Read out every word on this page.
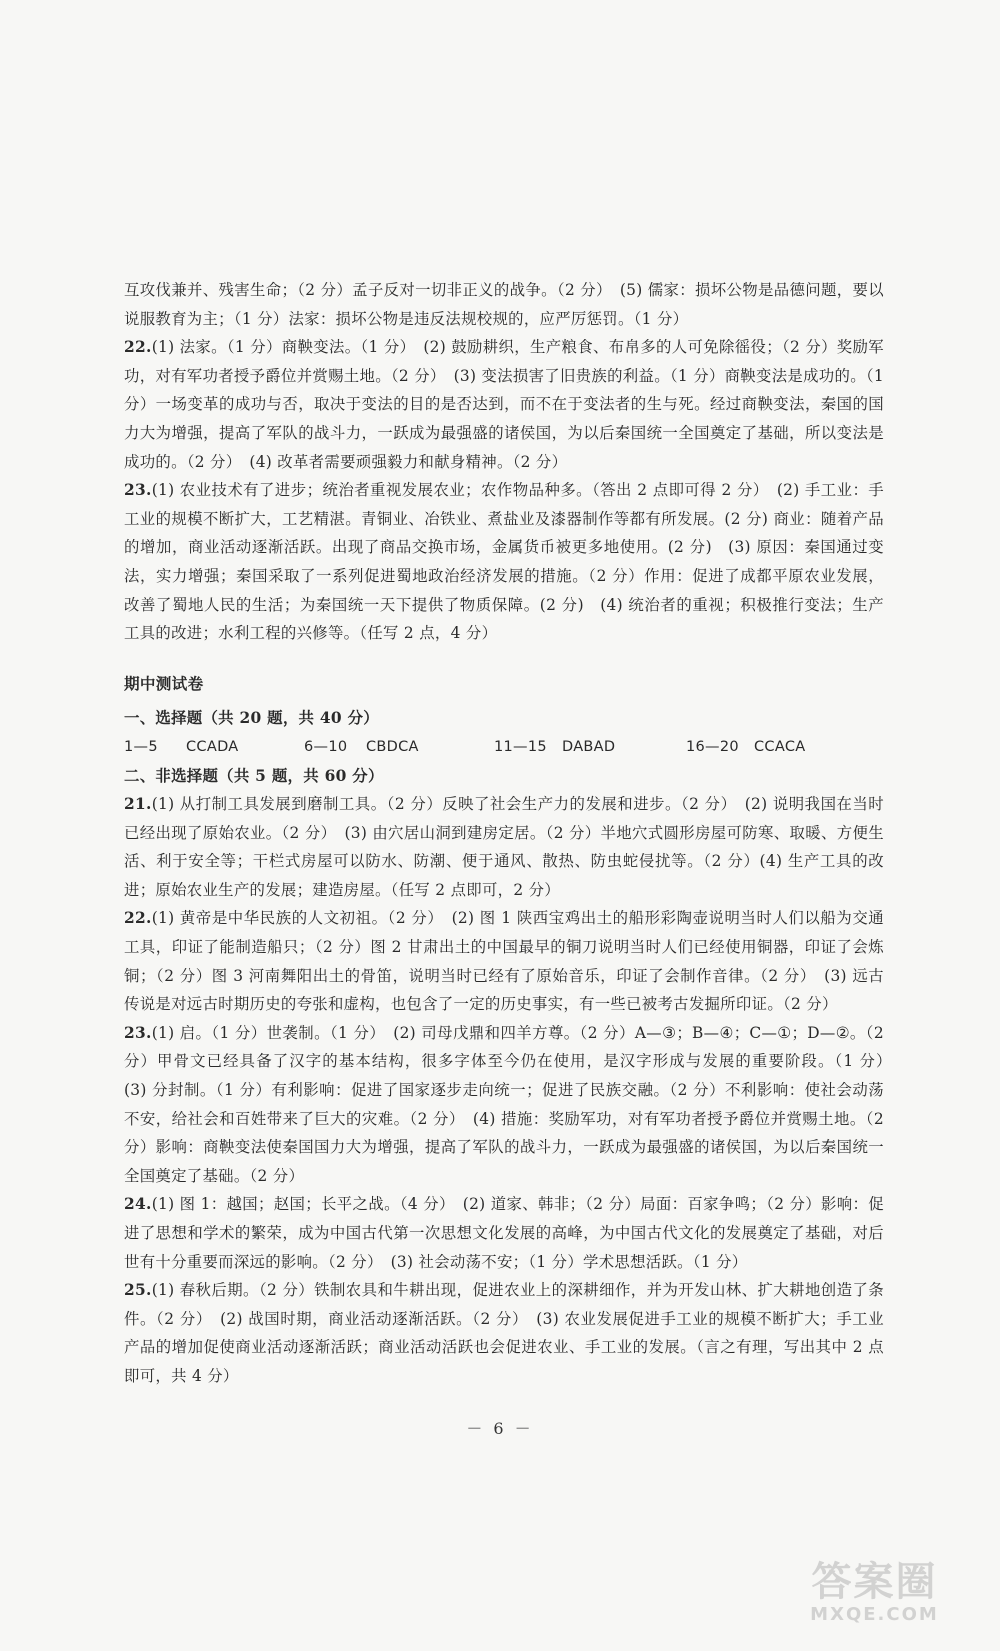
互攻伐兼并、残害生命；（2 分）孟子反对一切非正义的战争。（2 分）　(5) 儒家：损坏公物是品德问题，要以说服教育为主；（1 分）法家：损坏公物是违反法规校规的，应严厉惩罚。（1 分）

22.(1) 法家。（1 分）商鞅变法。（1 分）　(2) 鼓励耕织，生产粮食、布帛多的人可免除徭役；（2 分）奖励军功，对有军功者授予爵位并赏赐土地。（2 分）　(3) 变法损害了旧贵族的利益。（1 分）商鞅变法是成功的。（1 分）一场变革的成功与否，取决于变法的目的是否达到，而不在于变法者的生与死。经过商鞅变法，秦国的国力大为增强，提高了军队的战斗力，一跃成为最强盛的诸侯国，为以后秦国统一全国奠定了基础，所以变法是成功的。（2 分）　(4) 改革者需要顽强毅力和献身精神。（2 分）

23.(1) 农业技术有了进步；统治者重视发展农业；农作物品种多。（答出 2 点即可得 2 分）　(2) 手工业：手工业的规模不断扩大，工艺精湛。青铜业、冶铁业、煮盐业及漆器制作等都有所发展。(2 分) 商业：随着产品的增加，商业活动逐渐活跃。出现了商品交换市场，金属货币被更多地使用。(2 分)　(3) 原因：秦国通过变法，实力增强；秦国采取了一系列促进蜀地政治经济发展的措施。（2 分）作用：促进了成都平原农业发展，改善了蜀地人民的生活；为秦国统一天下提供了物质保障。(2 分)　(4) 统治者的重视；积极推行变法；生产工具的改进；水利工程的兴修等。（任写 2 点，4 分）

期中测试卷

一、选择题（共 20 题，共 40 分）

1—5	CCADA	6—10	CBDCA	11—15	DABAD	16—20	CCACA

二、非选择题（共 5 题，共 60 分）

21.(1) 从打制工具发展到磨制工具。（2 分）反映了社会生产力的发展和进步。（2 分）　(2) 说明我国在当时已经出现了原始农业。（2 分）　(3) 由穴居山洞到建房定居。（2 分）半地穴式圆形房屋可防寒、取暖、方便生活、利于安全等；干栏式房屋可以防水、防潮、便于通风、散热、防虫蛇侵扰等。（2 分）(4) 生产工具的改进；原始农业生产的发展；建造房屋。（任写 2 点即可，2 分）

22.(1) 黄帝是中华民族的人文初祖。（2 分）　(2) 图 1 陕西宝鸡出土的船形彩陶壶说明当时人们以船为交通工具，印证了能制造船只；（2 分）图 2 甘肃出土的中国最早的铜刀说明当时人们已经使用铜器，印证了会炼铜；（2 分）图 3 河南舞阳出土的骨笛，说明当时已经有了原始音乐，印证了会制作音律。（2 分）　(3) 远古传说是对远古时期历史的夸张和虚构，也包含了一定的历史事实，有一些已被考古发掘所印证。（2 分）

23.(1) 启。（1 分）世袭制。（1 分）　(2) 司母戊鼎和四羊方尊。（2 分）A—③；B—④；C—①；D—②。（2 分）甲骨文已经具备了汉字的基本结构，很多字体至今仍在使用，是汉字形成与发展的重要阶段。（1 分）　(3) 分封制。（1 分）有利影响：促进了国家逐步走向统一；促进了民族交融。（2 分）不利影响：使社会动荡不安，给社会和百姓带来了巨大的灾难。（2 分）　(4) 措施：奖励军功，对有军功者授予爵位并赏赐土地。（2 分）影响：商鞅变法使秦国国力大为增强，提高了军队的战斗力，一跃成为最强盛的诸侯国，为以后秦国统一全国奠定了基础。（2 分）

24.(1) 图 1：越国；赵国；长平之战。（4 分）　(2) 道家、韩非；（2 分）局面：百家争鸣；（2 分）影响：促进了思想和学术的繁荣，成为中国古代第一次思想文化发展的高峰，为中国古代文化的发展奠定了基础，对后世有十分重要而深远的影响。（2 分）　(3) 社会动荡不安；（1 分）学术思想活跃。（1 分）

25.(1) 春秋后期。（2 分）铁制农具和牛耕出现，促进农业上的深耕细作，并为开发山林、扩大耕地创造了条件。（2 分）　(2) 战国时期，商业活动逐渐活跃。（2 分）　(3) 农业发展促进手工业的规模不断扩大；手工业产品的增加促使商业活动逐渐活跃；商业活动活跃也会促进农业、手工业的发展。（言之有理，写出其中 2 点即可，共 4 分）

－ 6 －
答案圈
MXQE.COM
